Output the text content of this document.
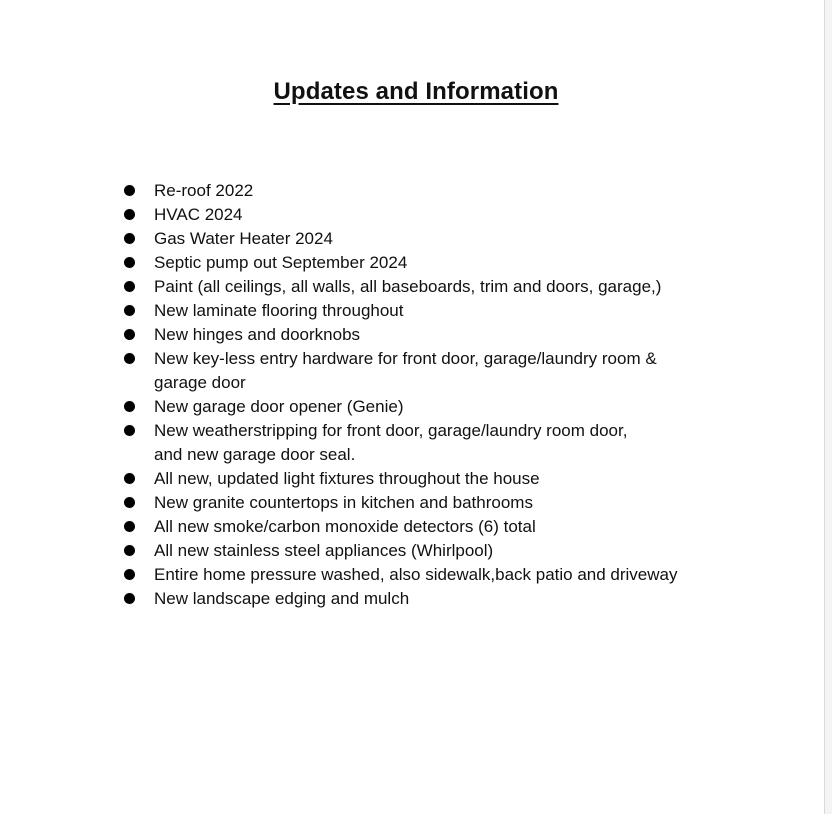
Updates and Information
Re-roof 2022
HVAC 2024
Gas Water Heater 2024
Septic pump out September 2024
Paint (all ceilings, all walls, all baseboards, trim and doors, garage,)
New laminate flooring throughout
New hinges and doorknobs
New key-less entry hardware for front door, garage/laundry room &
garage door
New garage door opener (Genie)
New weatherstripping for front door, garage/laundry room door,
and new garage door seal.
All new, updated light fixtures throughout the house
New granite countertops in kitchen and bathrooms
All new smoke/carbon monoxide detectors (6) total
All new stainless steel appliances (Whirlpool)
Entire home pressure washed, also sidewalk,back patio and driveway
New landscape edging and mulch
